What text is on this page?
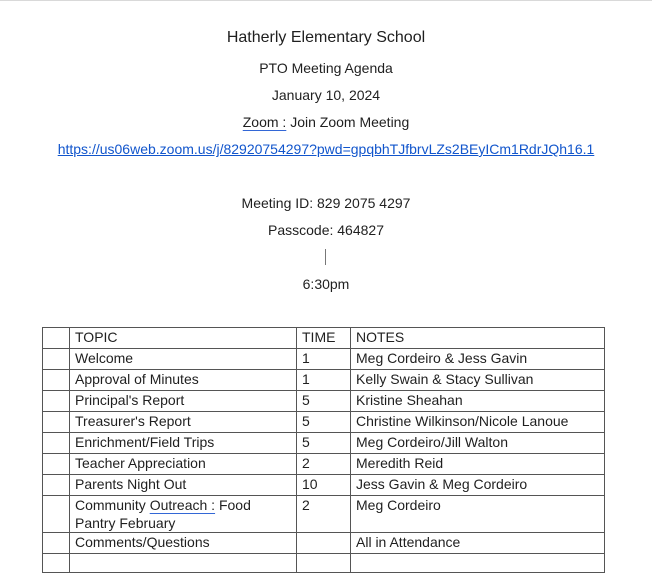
Hatherly Elementary School
PTO Meeting Agenda
January 10, 2024
Zoom : Join Zoom Meeting
https://us06web.zoom.us/j/82920754297?pwd=gpqbhTJfbrvLZs2BEyICm1RdrJQh16.1
Meeting ID: 829 2075 4297
Passcode: 464827
6:30pm
	TOPIC	TIME	NOTES
	Welcome	1	Meg Cordeiro & Jess Gavin
	Approval of Minutes	1	Kelly Swain & Stacy Sullivan
	Principal's Report	5	Kristine Sheahan
	Treasurer's Report	5	Christine Wilkinson/Nicole Lanoue
	Enrichment/Field Trips	5	Meg Cordeiro/Jill Walton
	Teacher Appreciation	2	Meredith Reid
	Parents Night Out	10	Jess Gavin & Meg Cordeiro
	Community Outreach : Food Pantry February	2	Meg Cordeiro
	Comments/Questions		All in Attendance
